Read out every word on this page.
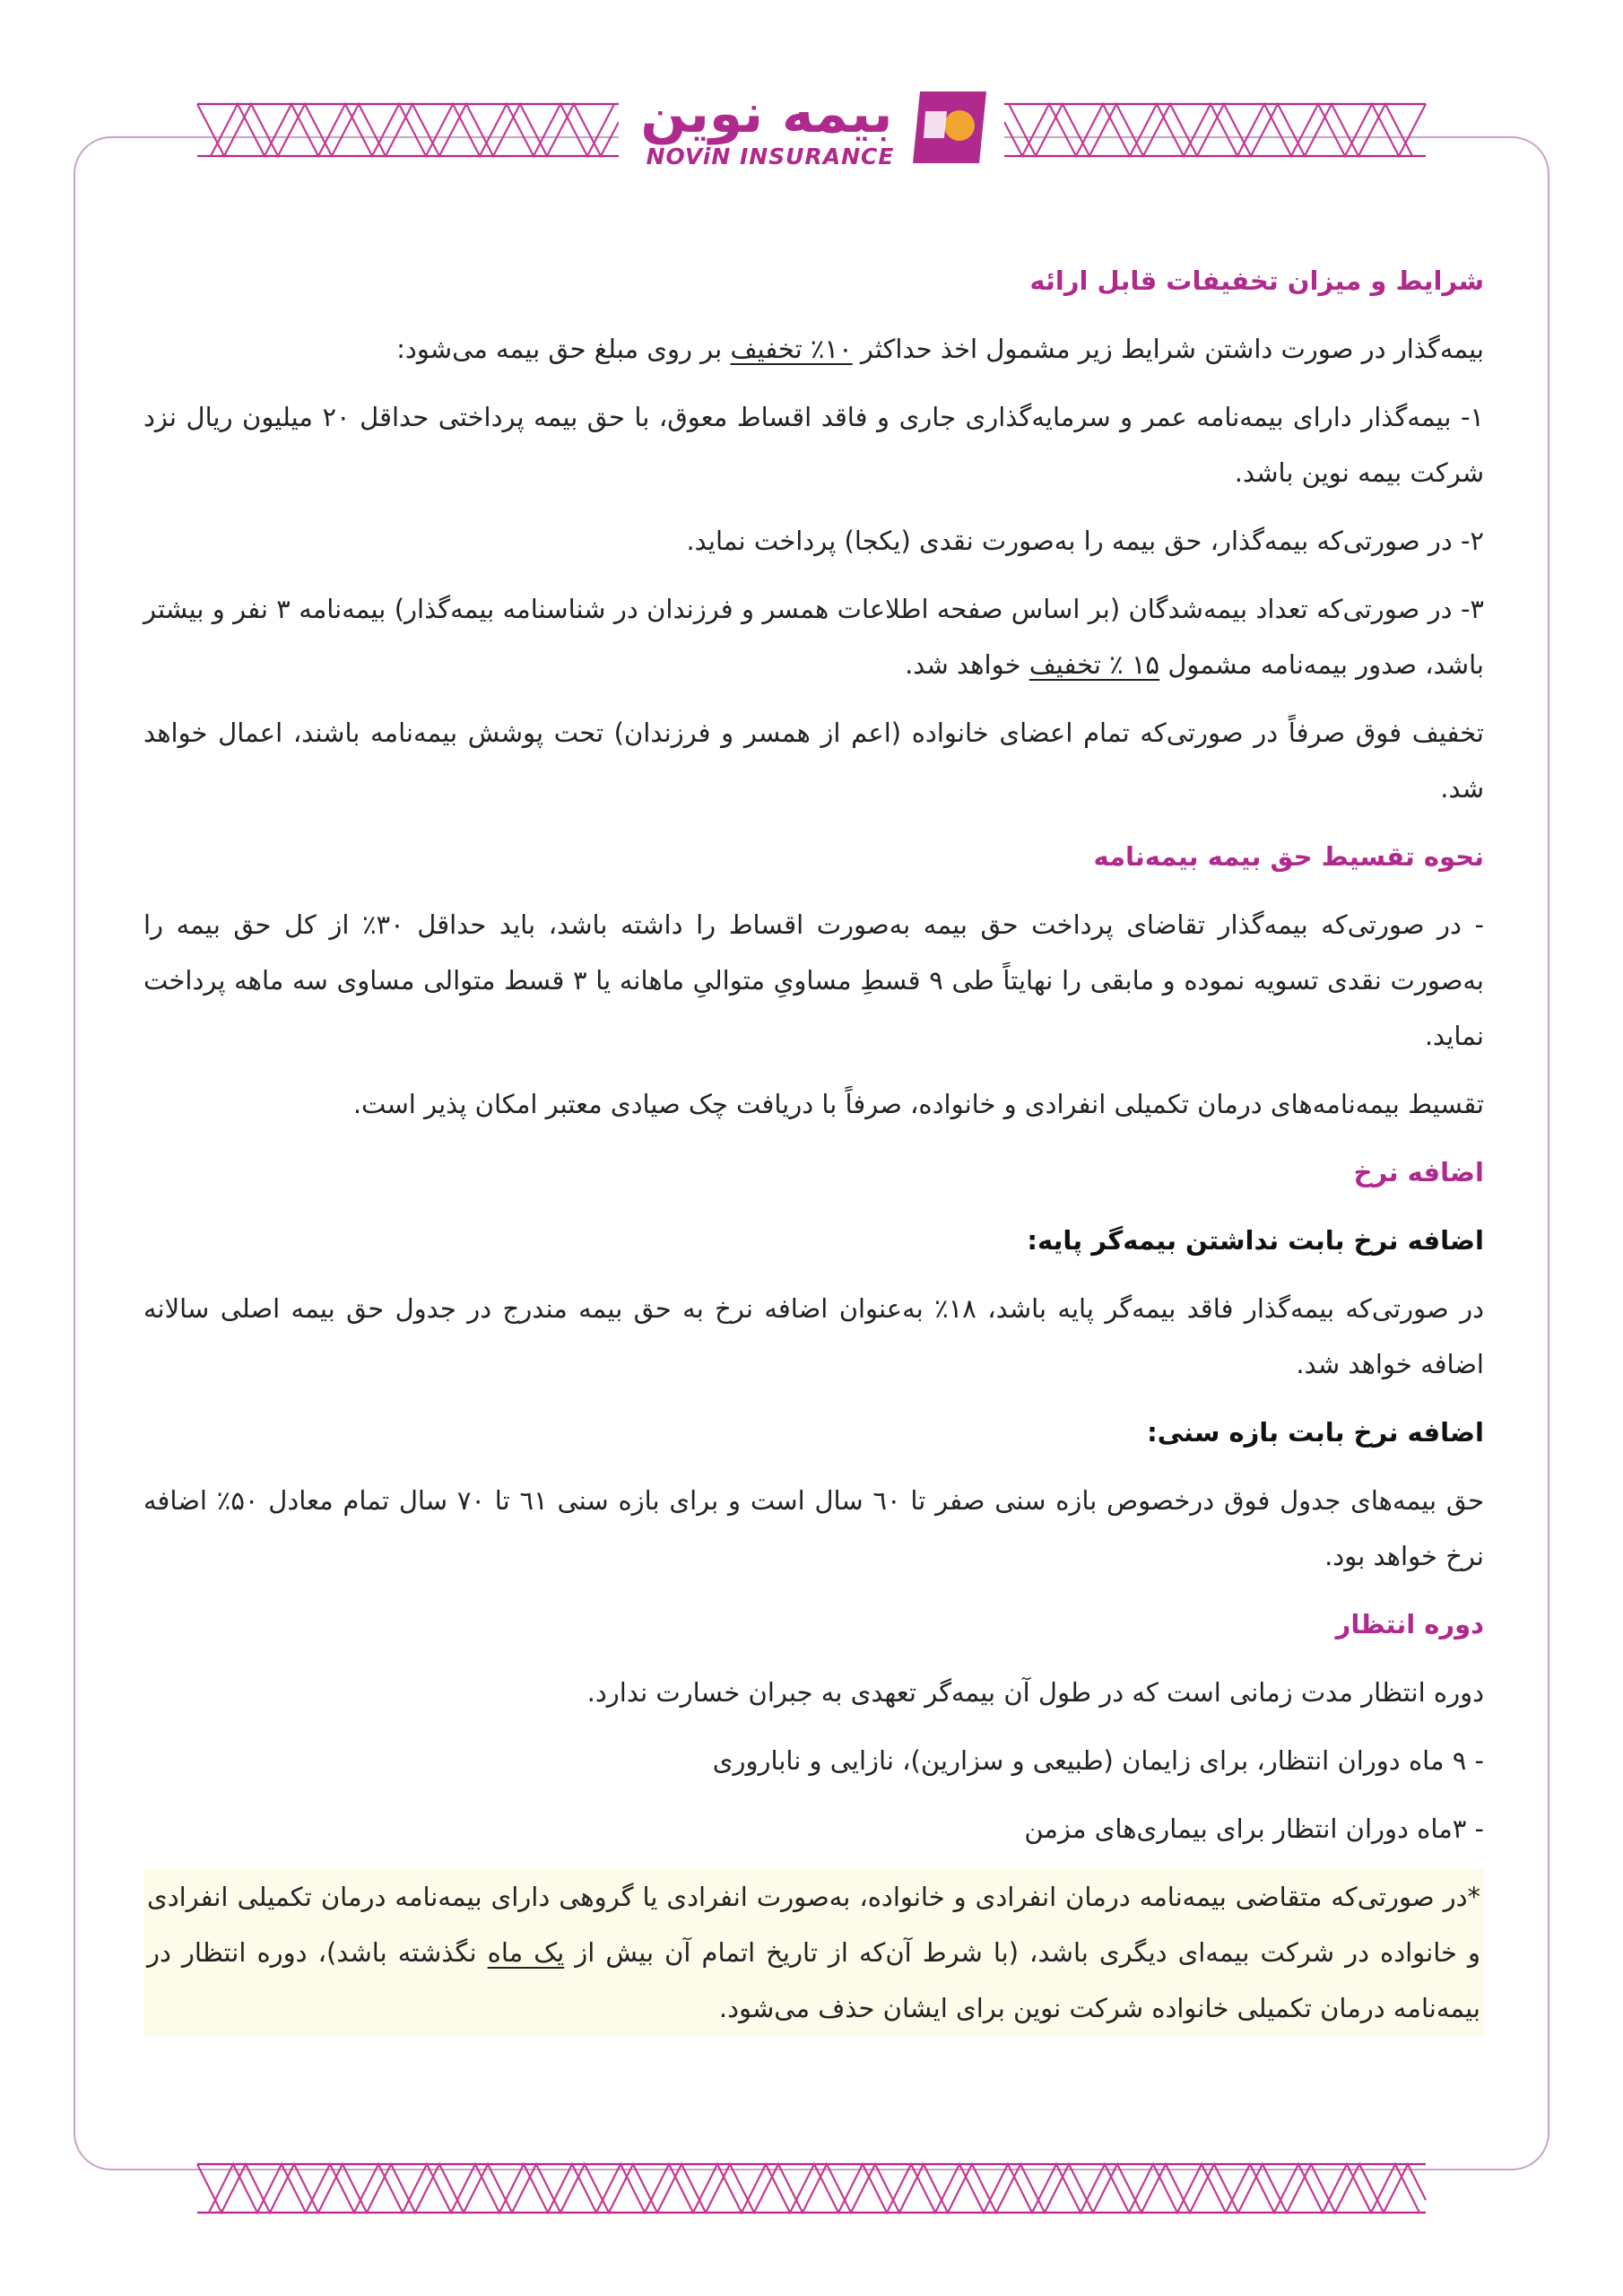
بیمه نوین
NOViN INSURANCE
شرایط و میزان تخفیفات قابل ارائه

بیمه‌گذار در صورت داشتن شرایط زیر مشمول اخذ حداکثر ۱۰٪ تخفیف بر روی مبلغ حق بیمه می‌شود:

۱- بیمه‌گذار دارای بیمه‌نامه عمر و سرمایه‌گذاری جاری و فاقد اقساط معوق، با حق بیمه پرداختی حداقل ۲۰ میلیون ریال نزد شرکت بیمه نوین باشد.

۲- در صورتی‌که بیمه‌گذار، حق بیمه را به‌صورت نقدی (یکجا) پرداخت نماید.

۳- در صورتی‌که تعداد بیمه‌شدگان (بر اساس صفحه اطلاعات همسر و فرزندان در شناسنامه بیمه‌گذار) بیمه‌نامه ۳ نفر و بیشتر باشد، صدور بیمه‌نامه مشمول ۱۵ ٪ تخفیف خواهد شد.

تخفیف فوق صرفاً در صورتی‌که تمام اعضای خانواده (اعم از همسر و فرزندان) تحت پوشش بیمه‌نامه باشند، اعمال خواهد شد.

نحوه تقسیط حق بیمه بیمه‌نامه

- در صورتی‌که بیمه‌گذار تقاضای پرداخت حق بیمه به‌صورت اقساط را داشته باشد، باید حداقل ۳۰٪ از کل حق بیمه را به‌صورت نقدی تسویه نموده و مابقی را نهایتاً طی ۹ قسطِ مساویِ متوالیِ ماهانه یا ۳ قسط متوالی مساوی سه ماهه پرداخت نماید.

تقسیط بیمه‌نامه‌های درمان تکمیلی انفرادی و خانواده، صرفاً با دریافت چک صیادی معتبر امکان پذیر است.

اضافه نرخ
اضافه نرخ بابت نداشتن بیمه‌گر پایه:

در صورتی‌که بیمه‌گذار فاقد بیمه‌گر پایه باشد، ۱۸٪ به‌عنوان اضافه نرخ به حق بیمه مندرج در جدول حق بیمه اصلی سالانه اضافه خواهد شد.

اضافه نرخ بابت بازه سنی:

حق بیمه‌های جدول فوق درخصوص بازه سنی صفر تا ٦٠ سال است و برای بازه سنی ٦١ تا ٧٠ سال تمام معادل ۵۰٪ اضافه نرخ خواهد بود.

دوره انتظار

دوره انتظار مدت زمانی است که در طول آن بیمه‌گر تعهدی به جبران خسارت ندارد.

- ۹ ماه دوران انتظار، برای زایمان (طبیعی و سزارین)، نازایی و ناباروری

- ۳ماه دوران انتظار برای بیماری‌های مزمن

*در صورتی‌که متقاضی بیمه‌نامه درمان انفرادی و خانواده، به‌صورت انفرادی یا گروهی دارای بیمه‌نامه درمان تکمیلی انفرادی و خانواده در شرکت بیمه‌ای دیگری باشد، (با شرط آن‌که از تاریخ اتمام آن بیش از یک ماه نگذشته باشد)، دوره انتظار در بیمه‌نامه درمان تکمیلی خانواده شرکت نوین برای ایشان حذف می‌شود.
